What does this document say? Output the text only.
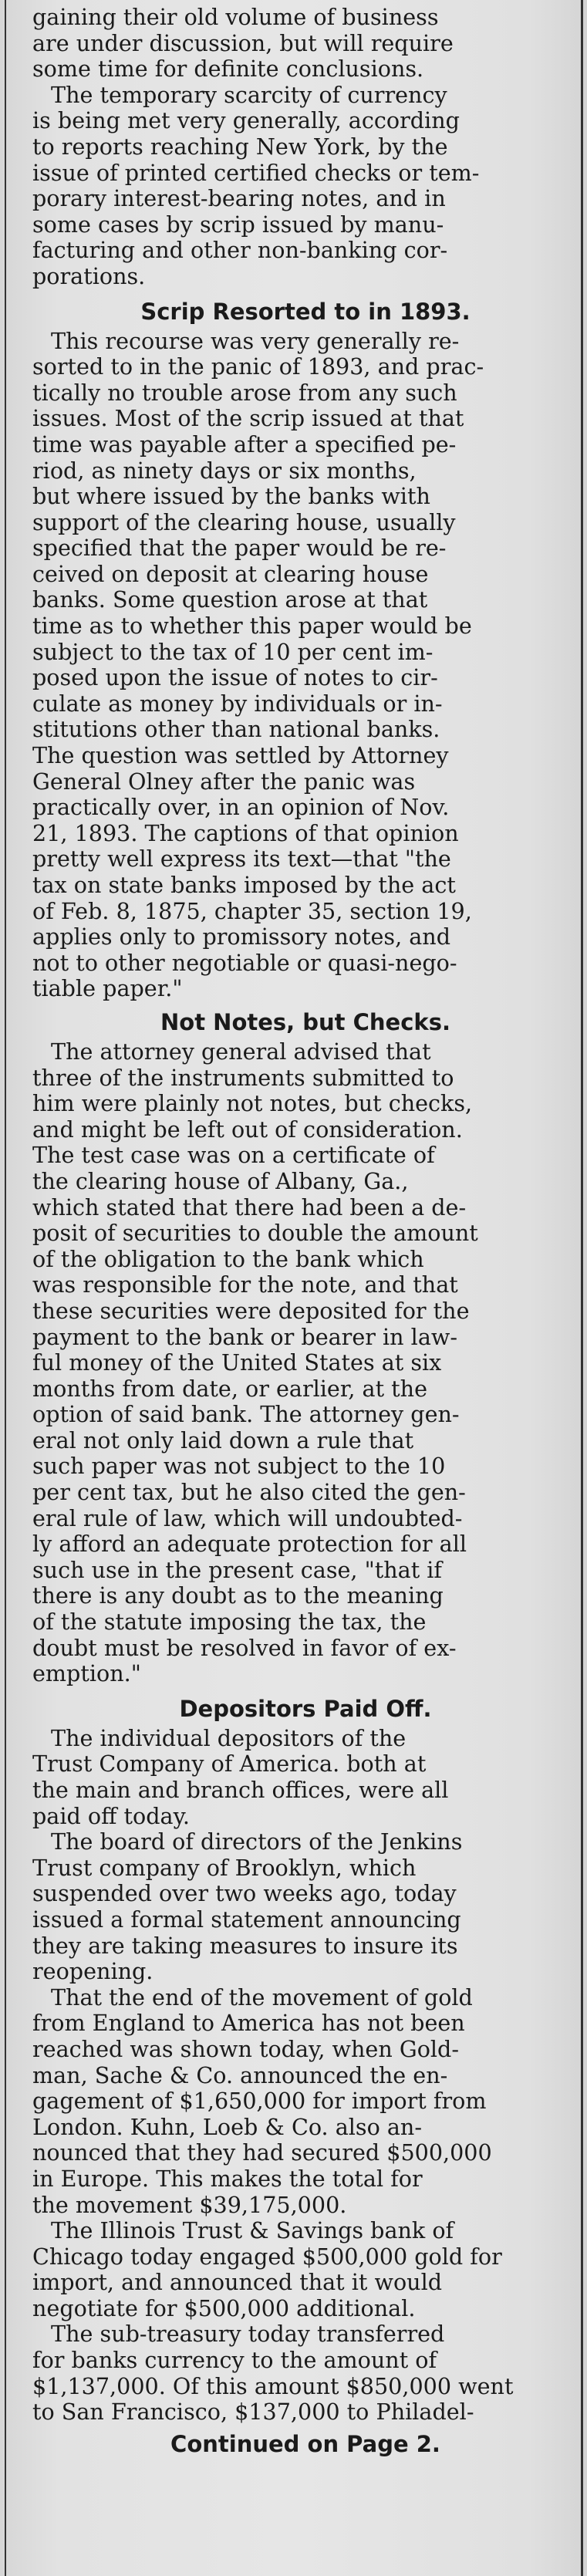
gaining their old volume of business
are under discussion, but will require
some time for definite conclusions.
The temporary scarcity of currency
is being met very generally, according
to reports reaching New York, by the
issue of printed certified checks or tem-
porary interest-bearing notes, and in
some cases by scrip issued by manu-
facturing and other non-banking cor-
porations.
Scrip Resorted to in 1893.
This recourse was very generally re-
sorted to in the panic of 1893, and prac-
tically no trouble arose from any such
issues. Most of the scrip issued at that
time was payable after a specified pe-
riod, as ninety days or six months,
but where issued by the banks with
support of the clearing house, usually
specified that the paper would be re-
ceived on deposit at clearing house
banks. Some question arose at that
time as to whether this paper would be
subject to the tax of 10 per cent im-
posed upon the issue of notes to cir-
culate as money by individuals or in-
stitutions other than national banks.
The question was settled by Attorney
General Olney after the panic was
practically over, in an opinion of Nov.
21, 1893. The captions of that opinion
pretty well express its text—that "the
tax on state banks imposed by the act
of Feb. 8, 1875, chapter 35, section 19,
applies only to promissory notes, and
not to other negotiable or quasi-nego-
tiable paper."
Not Notes, but Checks.
The attorney general advised that
three of the instruments submitted to
him were plainly not notes, but checks,
and might be left out of consideration.
The test case was on a certificate of
the clearing house of Albany, Ga.,
which stated that there had been a de-
posit of securities to double the amount
of the obligation to the bank which
was responsible for the note, and that
these securities were deposited for the
payment to the bank or bearer in law-
ful money of the United States at six
months from date, or earlier, at the
option of said bank. The attorney gen-
eral not only laid down a rule that
such paper was not subject to the 10
per cent tax, but he also cited the gen-
eral rule of law, which will undoubted-
ly afford an adequate protection for all
such use in the present case, "that if
there is any doubt as to the meaning
of the statute imposing the tax, the
doubt must be resolved in favor of ex-
emption."
Depositors Paid Off.
The individual depositors of the
Trust Company of America. both at
the main and branch offices, were all
paid off today.
The board of directors of the Jenkins
Trust company of Brooklyn, which
suspended over two weeks ago, today
issued a formal statement announcing
they are taking measures to insure its
reopening.
That the end of the movement of gold
from England to America has not been
reached was shown today, when Gold-
man, Sache & Co. announced the en-
gagement of $1,650,000 for import from
London. Kuhn, Loeb & Co. also an-
nounced that they had secured $500,000
in Europe. This makes the total for
the movement $39,175,000.
The Illinois Trust & Savings bank of
Chicago today engaged $500,000 gold for
import, and announced that it would
negotiate for $500,000 additional.
The sub-treasury today transferred
for banks currency to the amount of
$1,137,000. Of this amount $850,000 went
to San Francisco, $137,000 to Philadel-
Continued on Page 2.
